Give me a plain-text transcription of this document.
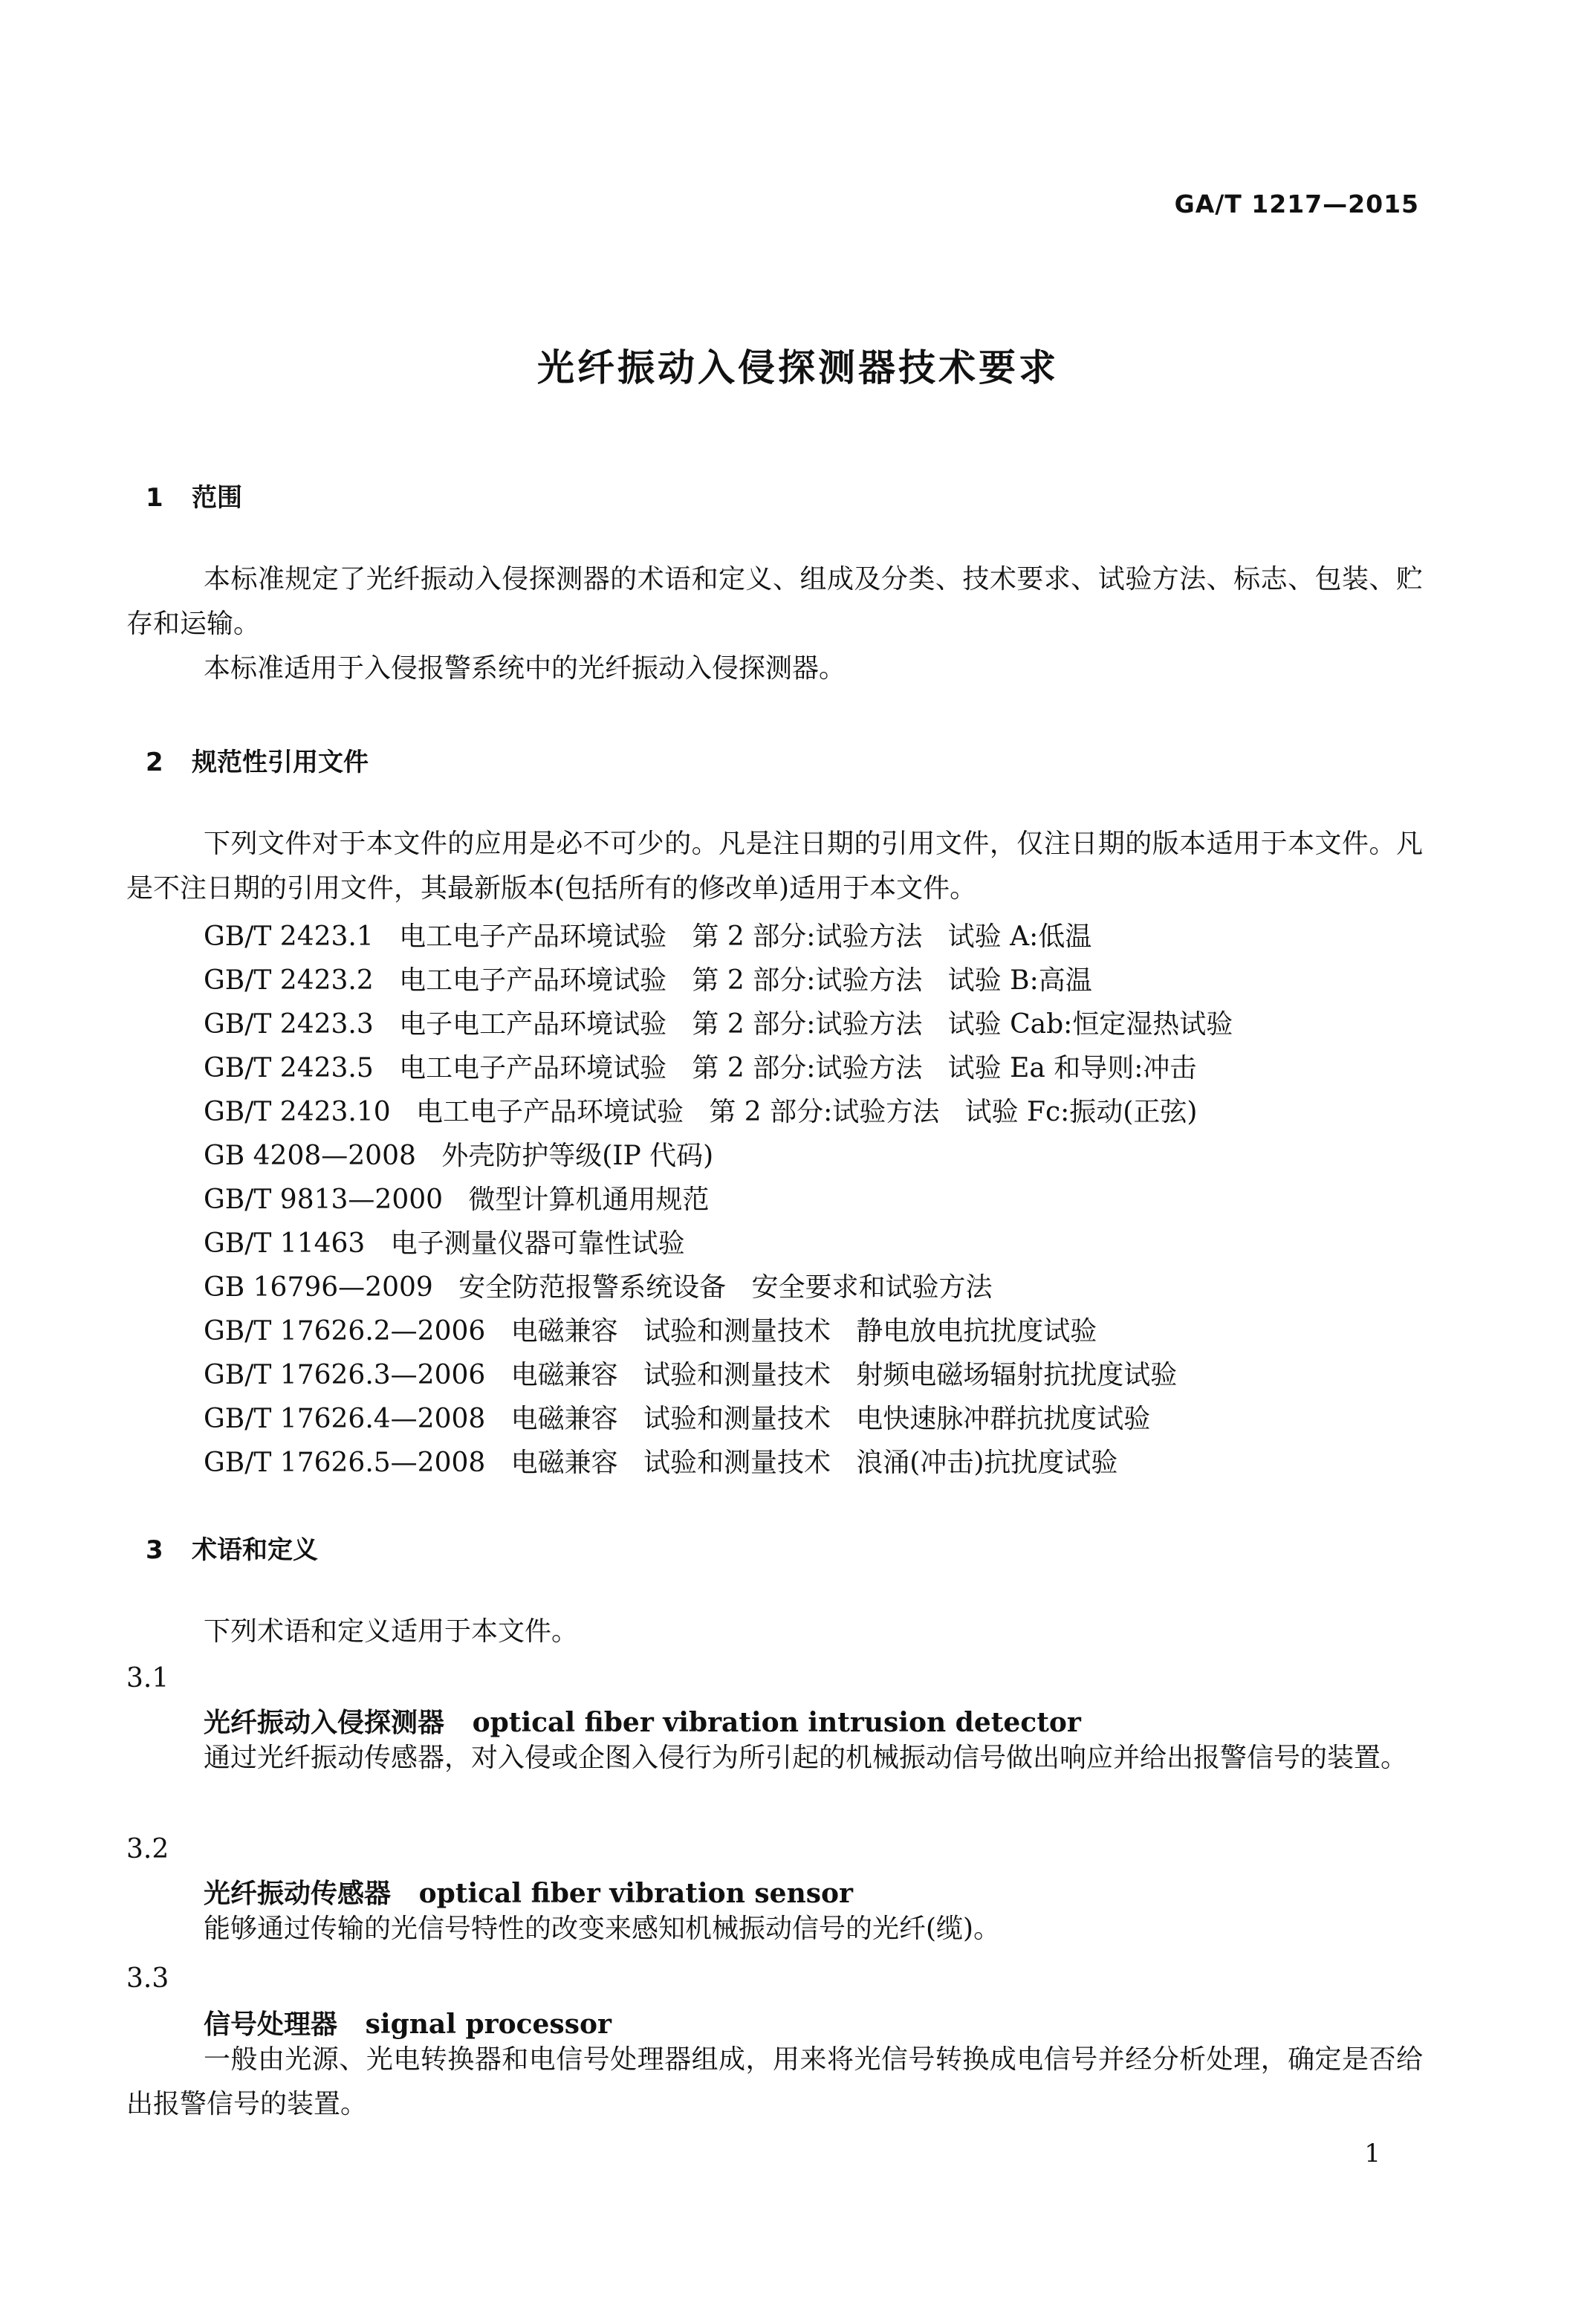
GA/T 1217—2015
光纤振动入侵探测器技术要求
1 范围
本标准规定了光纤振动入侵探测器的术语和定义、组成及分类、技术要求、试验方法、标志、包装、贮存和运输。
本标准适用于入侵报警系统中的光纤振动入侵探测器。
2 规范性引用文件
下列文件对于本文件的应用是必不可少的。凡是注日期的引用文件，仅注日期的版本适用于本文件。凡是不注日期的引用文件，其最新版本(包括所有的修改单)适用于本文件。
GB/T 2423.1   电工电子产品环境试验   第 2 部分:试验方法   试验 A:低温
GB/T 2423.2   电工电子产品环境试验   第 2 部分:试验方法   试验 B:高温
GB/T 2423.3   电子电工产品环境试验   第 2 部分:试验方法   试验 Cab:恒定湿热试验
GB/T 2423.5   电工电子产品环境试验   第 2 部分:试验方法   试验 Ea 和导则:冲击
GB/T 2423.10   电工电子产品环境试验   第 2 部分:试验方法   试验 Fc:振动(正弦)
GB 4208—2008   外壳防护等级(IP 代码)
GB/T 9813—2000   微型计算机通用规范
GB/T 11463   电子测量仪器可靠性试验
GB 16796—2009   安全防范报警系统设备   安全要求和试验方法
GB/T 17626.2—2006   电磁兼容   试验和测量技术   静电放电抗扰度试验
GB/T 17626.3—2006   电磁兼容   试验和测量技术   射频电磁场辐射抗扰度试验
GB/T 17626.4—2008   电磁兼容   试验和测量技术   电快速脉冲群抗扰度试验
GB/T 17626.5—2008   电磁兼容   试验和测量技术   浪涌(冲击)抗扰度试验
3 术语和定义
下列术语和定义适用于本文件。
3.1
光纤振动入侵探测器 optical fiber vibration intrusion detector
通过光纤振动传感器，对入侵或企图入侵行为所引起的机械振动信号做出响应并给出报警信号的装置。
3.2
光纤振动传感器 optical fiber vibration sensor
能够通过传输的光信号特性的改变来感知机械振动信号的光纤(缆)。
3.3
信号处理器 signal processor
一般由光源、光电转换器和电信号处理器组成，用来将光信号转换成电信号并经分析处理，确定是否给出报警信号的装置。
1
